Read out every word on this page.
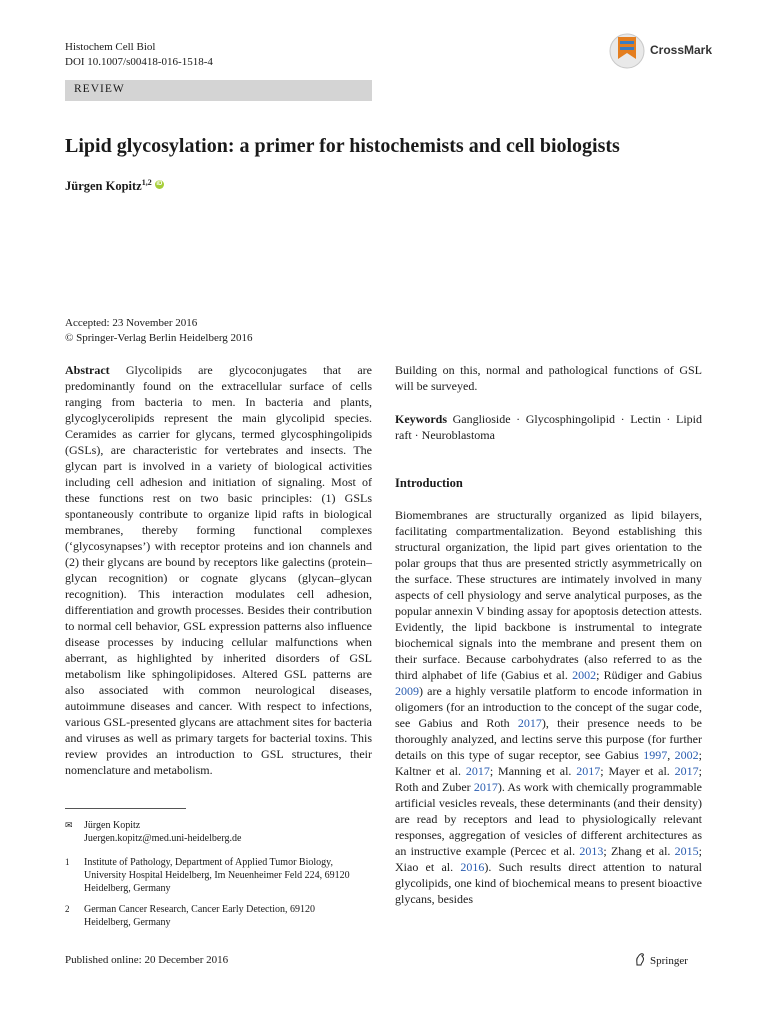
Histochem Cell Biol
DOI 10.1007/s00418-016-1518-4
CrossMark
REVIEW
Lipid glycosylation: a primer for histochemists and cell biologists
Jürgen Kopitz$^{1,2}$ iD
Accepted: 23 November 2016
© Springer-Verlag Berlin Heidelberg 2016

Abstract Glycolipids are glycoconjugates that are predominantly found on the extracellular surface of cells ranging from bacteria to men. In bacteria and plants, glycoglycerolipids represent the main glycolipid species. Ceramides as carrier for glycans, termed glycosphingolipids (GSLs), are characteristic for vertebrates and insects. The glycan part is involved in a variety of biological activities including cell adhesion and initiation of signaling. Most of these functions rest on two basic principles: (1) GSLs spontaneously contribute to organize lipid rafts in biological membranes, thereby forming functional complexes (‘glycosynapses’) with receptor proteins and ion channels and (2) their glycans are bound by receptors like galectins (protein–glycan recognition) or cognate glycans (glycan–glycan recognition). This interaction modulates cell adhesion, differentiation and growth processes. Besides their contribution to normal cell behavior, GSL expression patterns also influence disease processes by inducing cellular malfunctions when aberrant, as highlighted by inherited disorders of GSL metabolism like sphingolipidoses. Altered GSL patterns are also associated with common neurological diseases, autoimmune diseases and cancer. With respect to infections, various GSL-presented glycans are attachment sites for bacteria and viruses as well as primary targets for bacterial toxins. This review provides an introduction to GSL structures, their nomenclature and metabolism.

Building on this, normal and pathological functions of GSL will be surveyed.

Keywords Ganglioside · Glycosphingolipid · Lectin · Lipid raft · Neuroblastoma

Introduction

Biomembranes are structurally organized as lipid bilayers, facilitating compartmentalization. Beyond establishing this structural organization, the lipid part gives orientation to the polar groups that thus are presented strictly asymmetrically on the surface. These structures are intimately involved in many aspects of cell physiology and serve analytical purposes, as the popular annexin V binding assay for apoptosis detection attests. Evidently, the lipid backbone is instrumental to integrate biochemical signals into the membrane and present them on their surface. Because carbohydrates (also referred to as the third alphabet of life (Gabius et al. 2002; Rüdiger and Gabius 2009) are a highly versatile platform to encode information in oligomers (for an introduction to the concept of the sugar code, see Gabius and Roth 2017), their presence needs to be thoroughly analyzed, and lectins serve this purpose (for further details on this type of sugar receptor, see Gabius 1997, 2002; Kaltner et al. 2017; Manning et al. 2017; Mayer et al. 2017; Roth and Zuber 2017). As work with chemically programmable artificial vesicles reveals, these determinants (and their density) are read by receptors and lead to physiologically relevant responses, aggregation of vesicles of different architectures as an instructive example (Percec et al. 2013; Zhang et al. 2015; Xiao et al. 2016). Such results direct attention to natural glycolipids, one kind of biochemical means to present bioactive glycans, besides

✉ Jürgen Kopitz
Juergen.kopitz@med.uni-heidelberg.de
1 Institute of Pathology, Department of Applied Tumor Biology, University Hospital Heidelberg, Im Neuenheimer Feld 224, 69120 Heidelberg, Germany
2 German Cancer Research, Cancer Early Detection, 69120 Heidelberg, Germany
Published online: 20 December 2016	Springer
